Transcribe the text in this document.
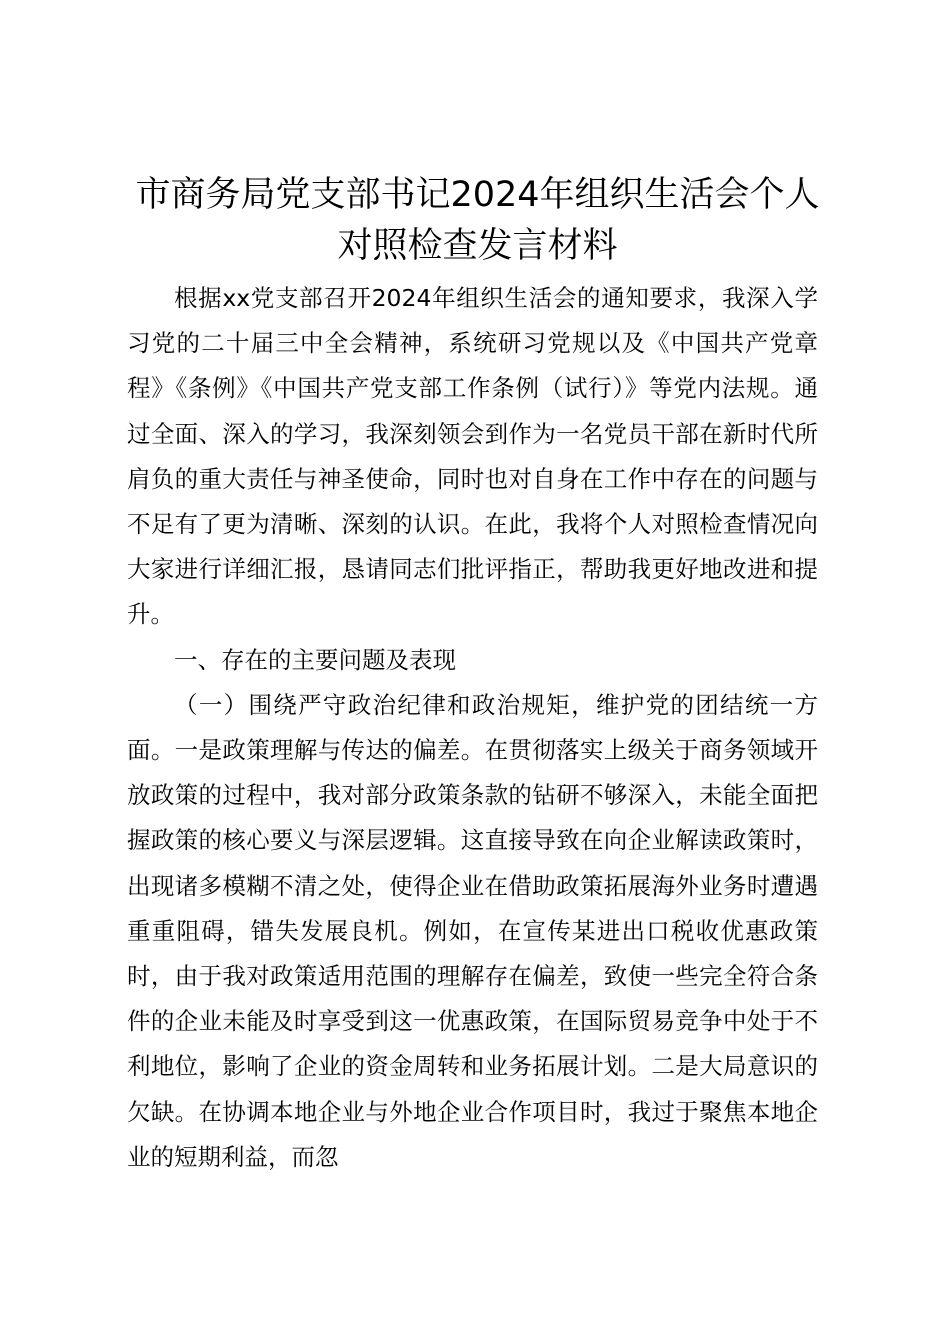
市商务局党支部书记2024年组织生活会个人对照检查发言材料

根据xx党支部召开2024年组织生活会的通知要求，我深入学习党的二十届三中全会精神，系统研习党规以及《中国共产党章程》《条例》《中国共产党支部工作条例（试行）》等党内法规。通过全面、深入的学习，我深刻领会到作为一名党员干部在新时代所肩负的重大责任与神圣使命，同时也对自身在工作中存在的问题与不足有了更为清晰、深刻的认识。在此，我将个人对照检查情况向大家进行详细汇报，恳请同志们批评指正，帮助我更好地改进和提升。

一、存在的主要问题及表现

（一）围绕严守政治纪律和政治规矩，维护党的团结统一方面。一是政策理解与传达的偏差。在贯彻落实上级关于商务领域开放政策的过程中，我对部分政策条款的钻研不够深入，未能全面把握政策的核心要义与深层逻辑。这直接导致在向企业解读政策时，出现诸多模糊不清之处，使得企业在借助政策拓展海外业务时遭遇重重阻碍，错失发展良机。例如，在宣传某进出口税收优惠政策时，由于我对政策适用范围的理解存在偏差，致使一些完全符合条件的企业未能及时享受到这一优惠政策，在国际贸易竞争中处于不利地位，影响了企业的资金周转和业务拓展计划。二是大局意识的欠缺。在协调本地企业与外地企业合作项目时，我过于聚焦本地企业的短期利益，而忽
